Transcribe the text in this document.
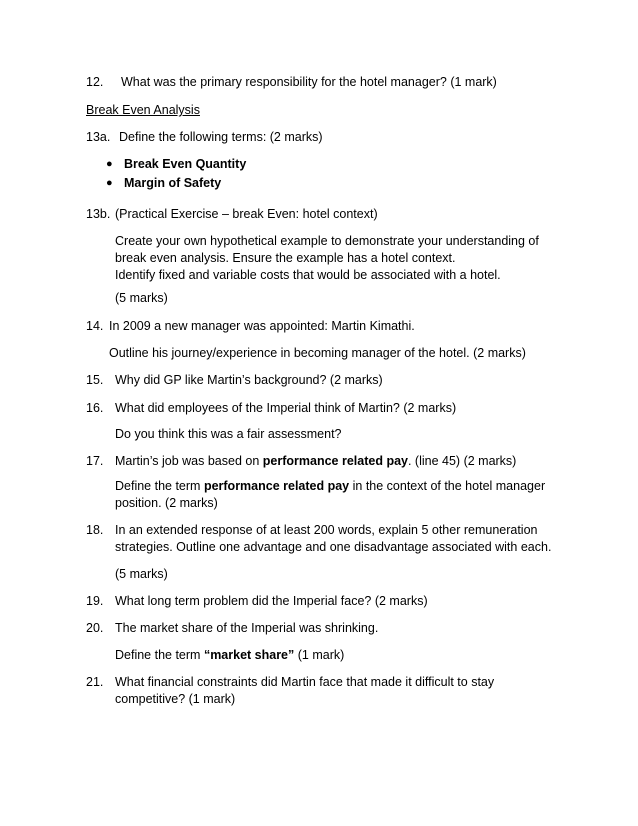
12. What was the primary responsibility for the hotel manager? (1 mark)
Break Even Analysis
13a. Define the following terms: (2 marks)
● Break Even Quantity
● Margin of Safety
13b. (Practical Exercise – break Even: hotel context)
Create your own hypothetical example to demonstrate your understanding of
break even analysis. Ensure the example has a hotel context.
Identify fixed and variable costs that would be associated with a hotel.
(5 marks)
14. In 2009 a new manager was appointed: Martin Kimathi.
Outline his journey/experience in becoming manager of the hotel. (2 marks)
15. Why did GP like Martin’s background? (2 marks)
16. What did employees of the Imperial think of Martin? (2 marks)
Do you think this was a fair assessment?
17. Martin’s job was based on performance related pay. (line 45) (2 marks)
Define the term performance related pay in the context of the hotel manager
position. (2 marks)
18. In an extended response of at least 200 words, explain 5 other remuneration
strategies. Outline one advantage and one disadvantage associated with each.
(5 marks)
19. What long term problem did the Imperial face? (2 marks)
20. The market share of the Imperial was shrinking.
Define the term “market share” (1 mark)
21. What financial constraints did Martin face that made it difficult to stay
competitive? (1 mark)
